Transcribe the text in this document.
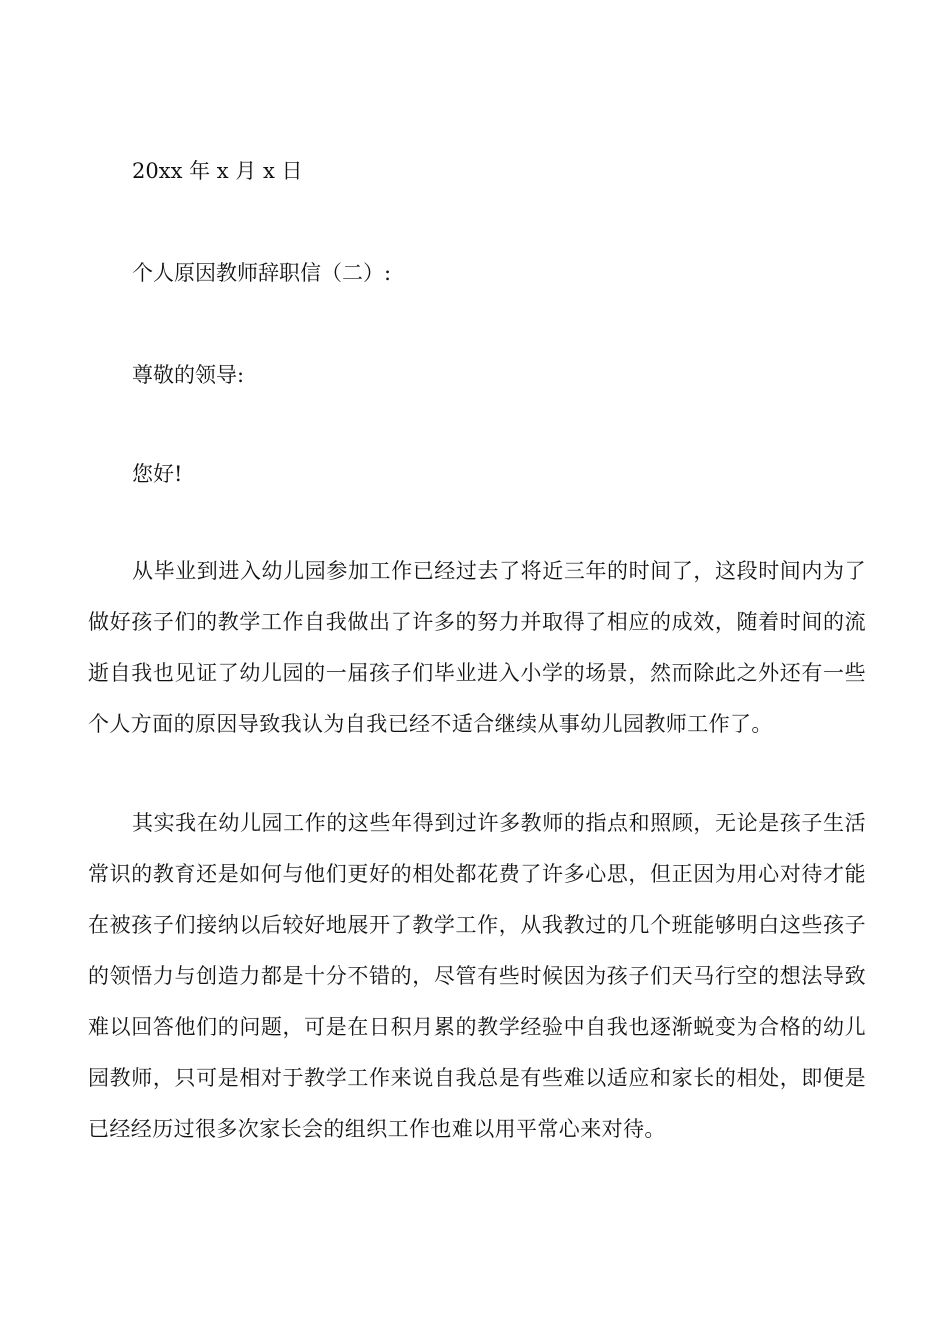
20xx 年 x 月 x 日
个人原因教师辞职信（二）:
尊敬的领导:
您好!
从毕业到进入幼儿园参加工作已经过去了将近三年的时间了，这段时间内为了做好孩子们的教学工作自我做出了许多的努力并取得了相应的成效，随着时间的流逝自我也见证了幼儿园的一届孩子们毕业进入小学的场景，然而除此之外还有一些个人方面的原因导致我认为自我已经不适合继续从事幼儿园教师工作了。
其实我在幼儿园工作的这些年得到过许多教师的指点和照顾，无论是孩子生活常识的教育还是如何与他们更好的相处都花费了许多心思，但正因为用心对待才能在被孩子们接纳以后较好地展开了教学工作，从我教过的几个班能够明白这些孩子的领悟力与创造力都是十分不错的，尽管有些时候因为孩子们天马行空的想法导致难以回答他们的问题，可是在日积月累的教学经验中自我也逐渐蜕变为合格的幼儿园教师，只可是相对于教学工作来说自我总是有些难以适应和家长的相处，即便是已经经历过很多次家长会的组织工作也难以用平常心来对待。
